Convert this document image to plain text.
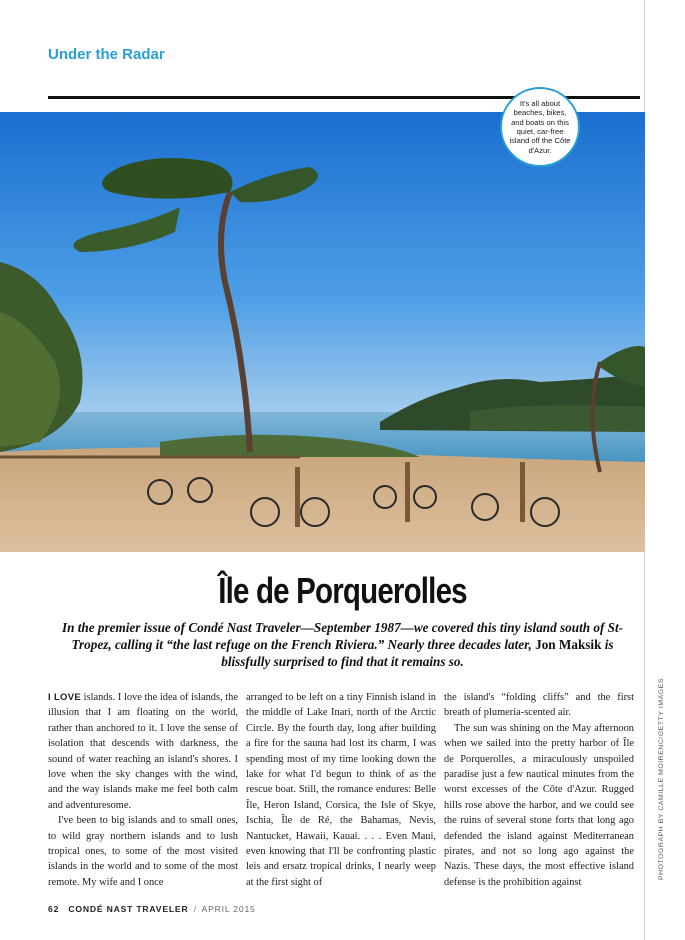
Under the Radar
It's all about beaches, bikes, and boats on this quiet, car-free island off the Côte d'Azur.
Île de Porquerolles
In the premier issue of Condé Nast Traveler—September 1987—we covered this tiny island south of St-Tropez, calling it “the last refuge on the French Riviera.” Nearly three decades later, Jon Maksik is blissfully surprised to find that it remains so.

I LOVE islands. I love the idea of islands, the illusion that I am floating on the world, rather than anchored to it. I love the sense of isolation that descends with darkness, the sound of water reaching an island's shores. I love when the sky changes with the wind, and the way islands make me feel both calm and adventuresome.

I've been to big islands and to small ones, to wild gray northern islands and to lush tropical ones, to some of the most visited islands in the world and to some of the most remote. My wife and I once

arranged to be left on a tiny Finnish island in the middle of Lake Inari, north of the Arctic Circle. By the fourth day, long after building a fire for the sauna had lost its charm, I was spending most of my time looking down the lake for what I'd begun to think of as the rescue boat. Still, the romance endures: Belle Île, Heron Island, Corsica, the Isle of Skye, Ischia, Île de Ré, the Bahamas, Nevis, Nantucket, Hawaii, Kauai. . . . Even Maui, even knowing that I'll be confronting plastic leis and ersatz tropical drinks, I nearly weep at the first sight of

the island's “folding cliffs” and the first breath of plumeria-scented air.

The sun was shining on the May afternoon when we sailed into the pretty harbor of Île de Porquerolles, a miraculously unspoiled paradise just a few nautical minutes from the worst excesses of the Côte d'Azur. Rugged hills rose above the harbor, and we could see the ruins of several stone forts that long ago defended the island against Mediterranean pirates, and not so long ago against the Nazis. These days, the most effective island defense is the prohibition against

PHOTOGRAPH BY CAMILLE MOIRENC/GETTY IMAGES
62 CONDÉ NAST TRAVELER / APRIL 2015
